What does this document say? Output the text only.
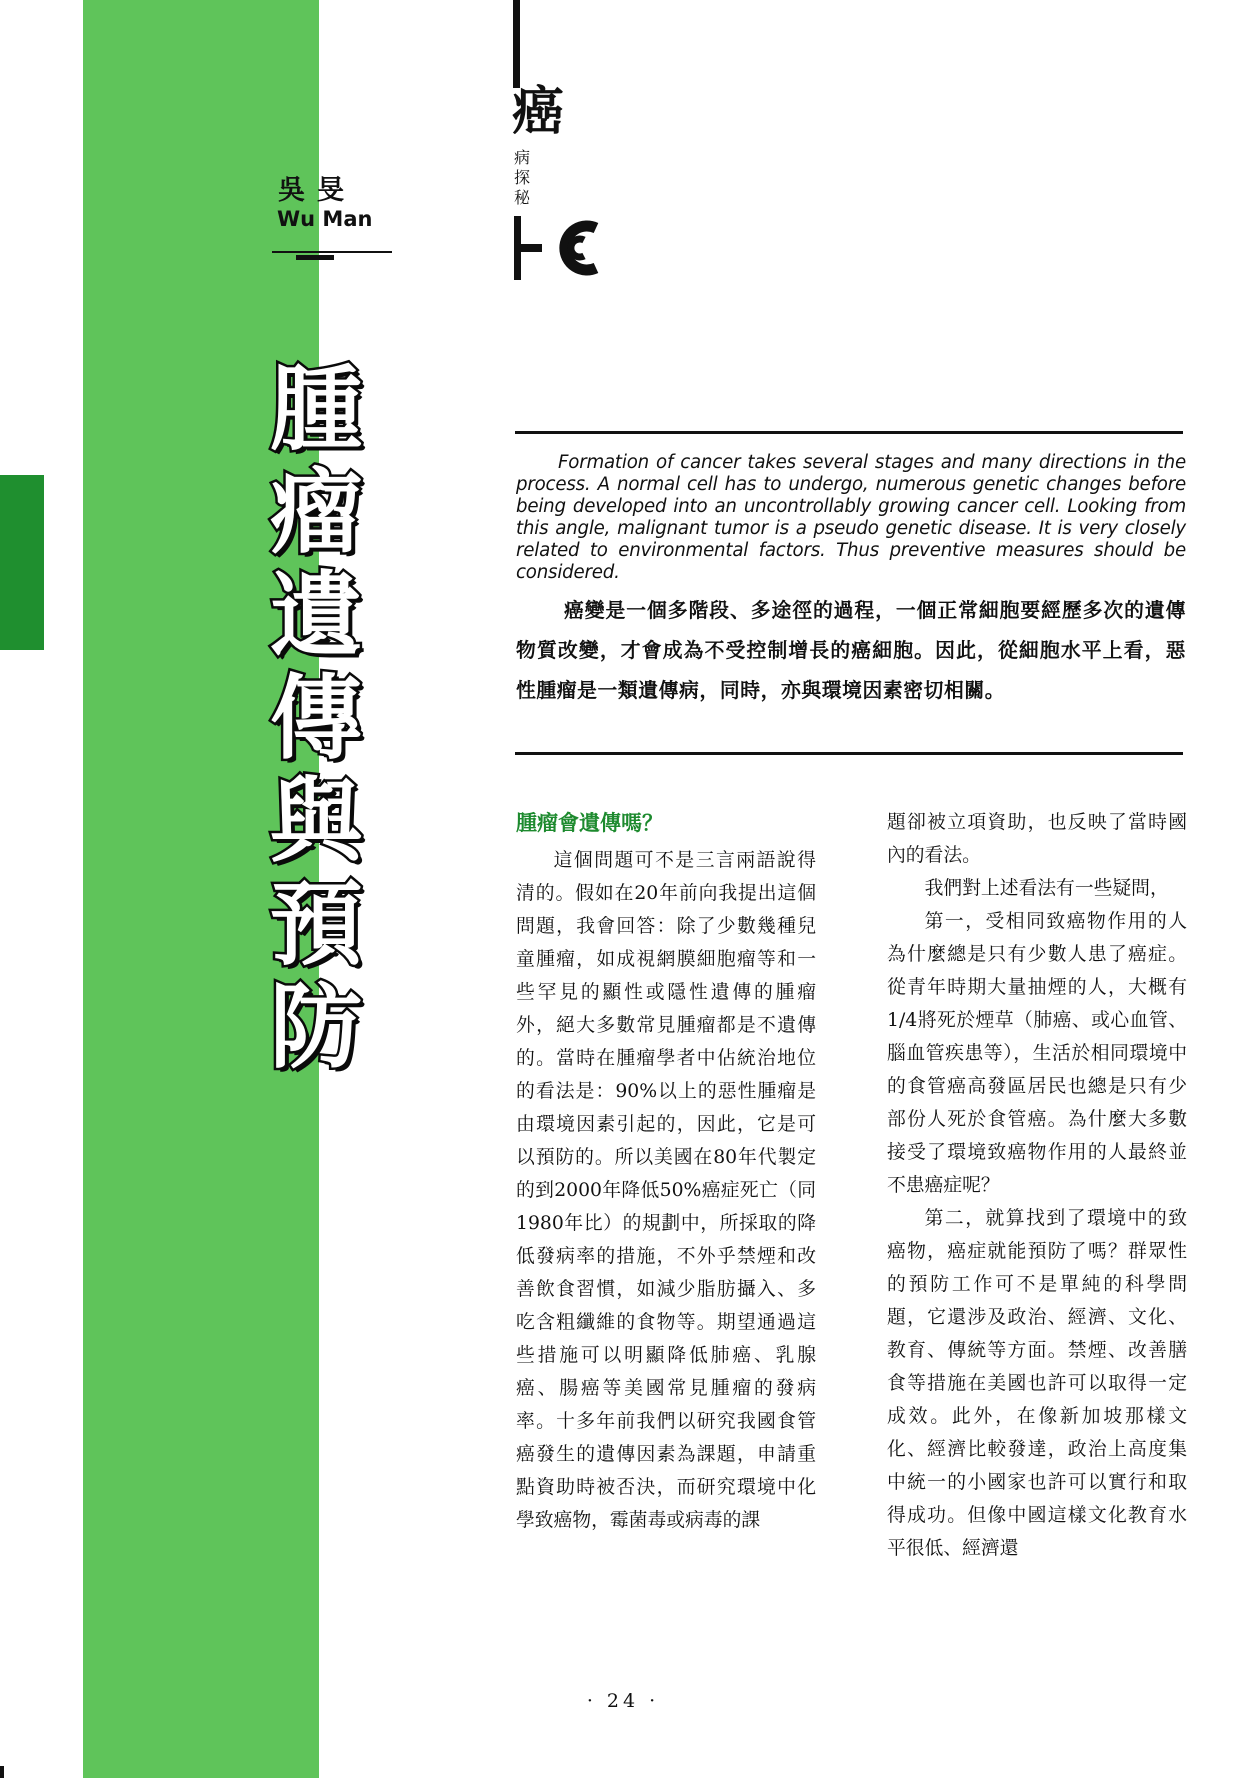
吳旻
Wu Man
腫瘤遺傳與預防
癌
病探秘

Formation of cancer takes several stages and many directions in the process. A normal cell has to undergo, numerous genetic changes before being developed into an uncontrollably growing cancer cell. Looking from this angle, malignant tumor is a pseudo genetic disease. It is very closely related to environmental factors. Thus preventive measures should be considered.

癌變是一個多階段、多途徑的過程，一個正常細胞要經歷多次的遺傳物質改變，才會成為不受控制增長的癌細胞。因此，從細胞水平上看，惡性腫瘤是一類遺傳病，同時，亦與環境因素密切相關。

腫瘤會遺傳嗎？

這個問題可不是三言兩語說得清的。假如在20年前向我提出這個問題，我會回答：除了少數幾種兒童腫瘤，如成視網膜細胞瘤等和一些罕見的顯性或隱性遺傳的腫瘤外，絕大多數常見腫瘤都是不遺傳的。當時在腫瘤學者中佔統治地位的看法是：90%以上的惡性腫瘤是由環境因素引起的，因此，它是可以預防的。所以美國在80年代製定的到2000年降低50%癌症死亡（同1980年比）的規劃中，所採取的降低發病率的措施，不外乎禁煙和改善飲食習慣，如減少脂肪攝入、多吃含粗纖維的食物等。期望通過這些措施可以明顯降低肺癌、乳腺癌、腸癌等美國常見腫瘤的發病率。十多年前我們以研究我國食管癌發生的遺傳因素為課題，申請重點資助時被否決，而研究環境中化學致癌物，霉菌毒或病毒的課

題卻被立項資助，也反映了當時國內的看法。

我們對上述看法有一些疑問，

第一，受相同致癌物作用的人為什麼總是只有少數人患了癌症。從青年時期大量抽煙的人，大概有1/4將死於煙草（肺癌、或心血管、腦血管疾患等），生活於相同環境中的食管癌高發區居民也總是只有少部份人死於食管癌。為什麼大多數接受了環境致癌物作用的人最終並不患癌症呢？

第二，就算找到了環境中的致癌物，癌症就能預防了嗎？群眾性的預防工作可不是單純的科學問題，它還涉及政治、經濟、文化、教育、傳統等方面。禁煙、改善膳食等措施在美國也許可以取得一定成效。此外，在像新加坡那樣文化、經濟比較發達，政治上高度集中統一的小國家也許可以實行和取得成功。但像中國這樣文化教育水平很低、經濟還

· 24 ·
